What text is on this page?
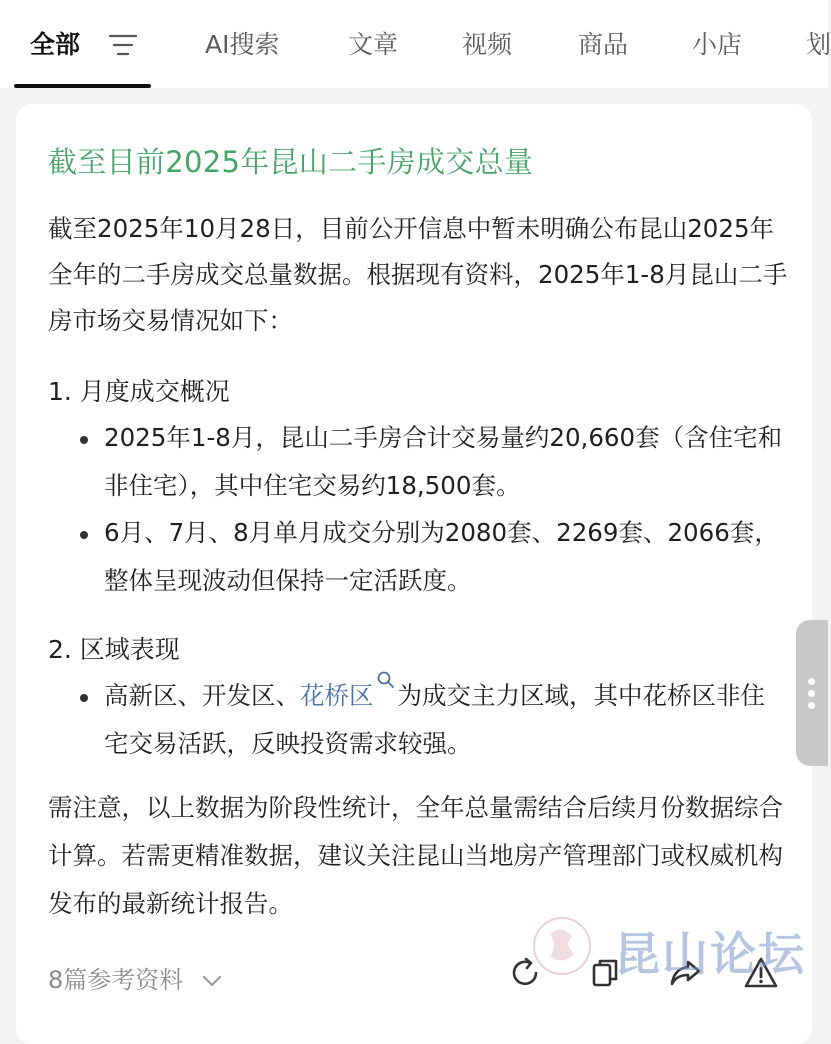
全部	AI搜索	文章	视频	商品	小店	划
截至目前2025年昆山二手房成交总量
截至2025年10月28日，目前公开信息中暂未明确公布昆山2025年全年的二手房成交总量数据。根据现有资料，2025年1-8月昆山二手房市场交易情况如下：
1. 月度成交概况
2025年1-8月，昆山二手房合计交易量约20,660套（含住宅和非住宅），其中住宅交易约18,500套。
6月、7月、8月单月成交分别为2080套、2269套、2066套，整体呈现波动但保持一定活跃度。
2. 区域表现
高新区、开发区、花桥区 为成交主力区域，其中花桥区非住宅交易活跃，反映投资需求较强。
需注意，以上数据为阶段性统计，全年总量需结合后续月份数据综合计算。若需更精准数据，建议关注昆山当地房产管理部门或权威机构发布的最新统计报告。
8篇参考资料	昆山论坛
